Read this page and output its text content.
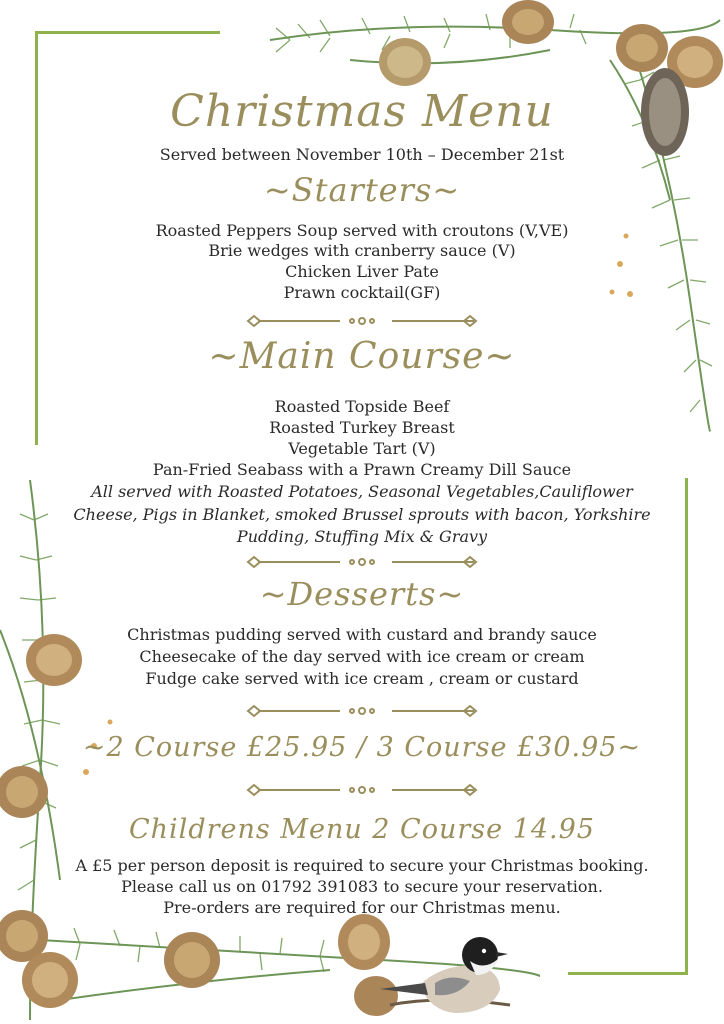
Christmas Menu
Served between November 10th – December 21st
~Starters~
Roasted Peppers Soup served with croutons (V,VE)
Brie wedges with cranberry sauce (V)
Chicken Liver Pate
Prawn cocktail(GF)
~Main Course~
Roasted Topside Beef
Roasted Turkey Breast
Vegetable Tart (V)
Pan-Fried Seabass with a Prawn Creamy Dill Sauce
All served with Roasted Potatoes, Seasonal Vegetables,Cauliflower
Cheese, Pigs in Blanket, smoked Brussel sprouts with bacon, Yorkshire
Pudding, Stuffing Mix & Gravy
~Desserts~
Christmas pudding served with custard and brandy sauce
Cheesecake of the day served with ice cream or cream
Fudge cake served with ice cream , cream or custard
~2 Course £25.95 / 3 Course £30.95~
Childrens Menu 2 Course 14.95
A £5 per person deposit is required to secure your Christmas booking.
Please call us on 01792 391083 to secure your reservation.
Pre-orders are required for our Christmas menu.
